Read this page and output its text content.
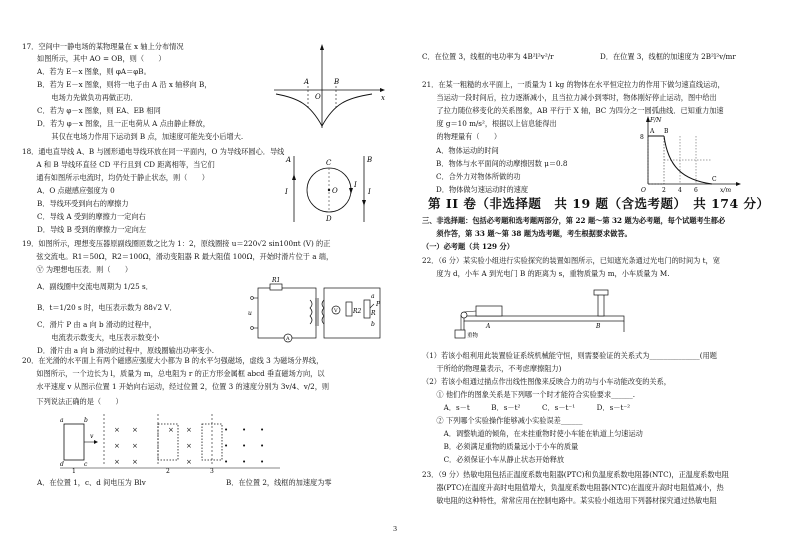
17．空间中一静电场的某物理量在 x 轴上分布情况
如图所示，其中 AO = OB，则（　　）
A．若为 E－x 图象，则 φA＝φB。
B．若为 E－x 图象，则将一电子由 A 沿 x 轴移向 B，
　　电场力先做负功再做正功．
C．若为 φ－x 图象，则 EA、EB 相同
D．若为 φ－x 图象，且一正电荷从 A 点由静止释放，
　　其仅在电场力作用下运动到 B 点，加速度可能先变小后增大.
A
O
B
x
18．通电直导线 A、B 与圆形通电导线环放在同一平面内，O 为导线环圆心．导线
　　A 和 B 导线环直径 CD 平行且到 CD 距离相等，当它们
　　通有如图所示电流时，均仍处于静止状态，则（　　）
A．O 点磁感应强度为 0
B．导线环受到向右的摩擦力
C．导线 A 受到的摩擦力一定向右
D．导线 B 受到的摩擦力一定向左
A	B
C
D
O
I	I
I
19．如图所示，理想变压器原副线圈匝数之比为 1：2，原线圈接 u＝220√2 sin100πt (V) 的正
　　弦交流电。R1＝50Ω，R2＝100Ω，滑动变阻器 R 最大阻值 100Ω，开始时滑片位于 a 端，
　　Ⓥ 为理想电压表．则（　　）
A．副线圈中交流电周期为 1/25 s．
B．t＝1/20 s 时，电压表示数为 88√2 V．
C．滑片 P 由 a 向 b 滑动的过程中，
　　电流表示数变大，电压表示数变小
D．滑片由 a 向 b 滑动的过程中，原线圈输出功率变小.
R1
R2 R
u	V
A
a
b
P
20．在光滑的水平面上有两个磁感应强度大小都为 B 的水平匀强磁场，虚线 3 为磁场分界线，
　　如图所示，一个边长为 l，质量为 m，总电阻为 r 的正方形金属框 abcd 垂直磁场方向，以
　　水平速度 v 从图示位置 1 开始向右运动，经过位置 2，位置 3 的速度分别为 3v/4、v/2，则
　　下列说法正确的是（　　）
× ×
× ×
× ×
× ×
×
×
• • •
• • •
• • •
v
1	2	3
a	b
c
d
A．在位置 1，c、d 间电压为 Blv	B．在位置 2，线框的加速度为零
C．在位置 3，线框的电功率为 4B²l²v²/r	D．在位置 3，线框的加速度为 2B²l²v/mr
21．在某一粗糙的水平面上，一质量为 1 kg 的物体在水平恒定拉力的作用下做匀速直线运动，
　　当运动一段时间后，拉力逐渐减小，且当拉力减小到零时，物体刚好停止运动，图中给出
　　了拉力随位移变化的关系图象，AB 平行于 X 轴，BC 为四分之一圆弧曲线．已知重力加速
　　度 g＝10 m/s²，根据以上信息能得出
　　的物理量有（　　）
A．物体运动的时间
B．物体与水平面间的动摩擦因数 μ＝0.8
C．合外力对物体所做的功
D．物体做匀速运动时的速度
F/N
x/m
8
O	2 4 6
A B
C
第 II 卷（非选择题　共 19 题（含选考题）　共 174 分）
三、非选择题：包括必考题和选考题两部分，第 22 题～第 32 题为必考题，每个试题考生都必
　　须作答，第 33 题～第 38 题为选考题，考生根据要求做答。
（一）必考题（共 129 分）
22．（6 分）某实验小组进行实验探究的装置如图所示，已知遮光条通过光电门的时间为 t，宽
　　度为 d，小车 A 到光电门 B 的距离为 s，重物质量为 m，小车质量为 M.
A	B
重物
（1）若该小组利用此装置验证系统机械能守恒，则需要验证的关系式为______________(用题
　　干所给的物理量表示，不考虑摩擦阻力)
（2）若该小组通过描点作出线性图像来反映合力的功与小车动能改变的关系，
　　① 他们作的图象关系是下列哪一个时才能符合实验要求______.
　　　A．s－t　　　B．s－t²　　　C．s－t⁻¹　　　D．s－t⁻²
　　② 下列哪个实验操作能够减小实验误差______
　　　A．调整轨道的倾角，在未挂重物时使小车能在轨道上匀速运动
　　　B．必须满足重物的质量远小于小车的质量
　　　C．必须保证小车从静止状态开始释放
23．（9 分）热敏电阻包括正温度系数电阻器(PTC)和负温度系数电阻器(NTC)，正温度系数电阻
　　器(PTC)在温度升高时电阻值增大，负温度系数电阻器(NTC)在温度升高时电阻值减小，热
　　敏电阻的这种特性，常常应用在控制电路中。某实验小组选用下列器材探究通过热敏电阻
3
